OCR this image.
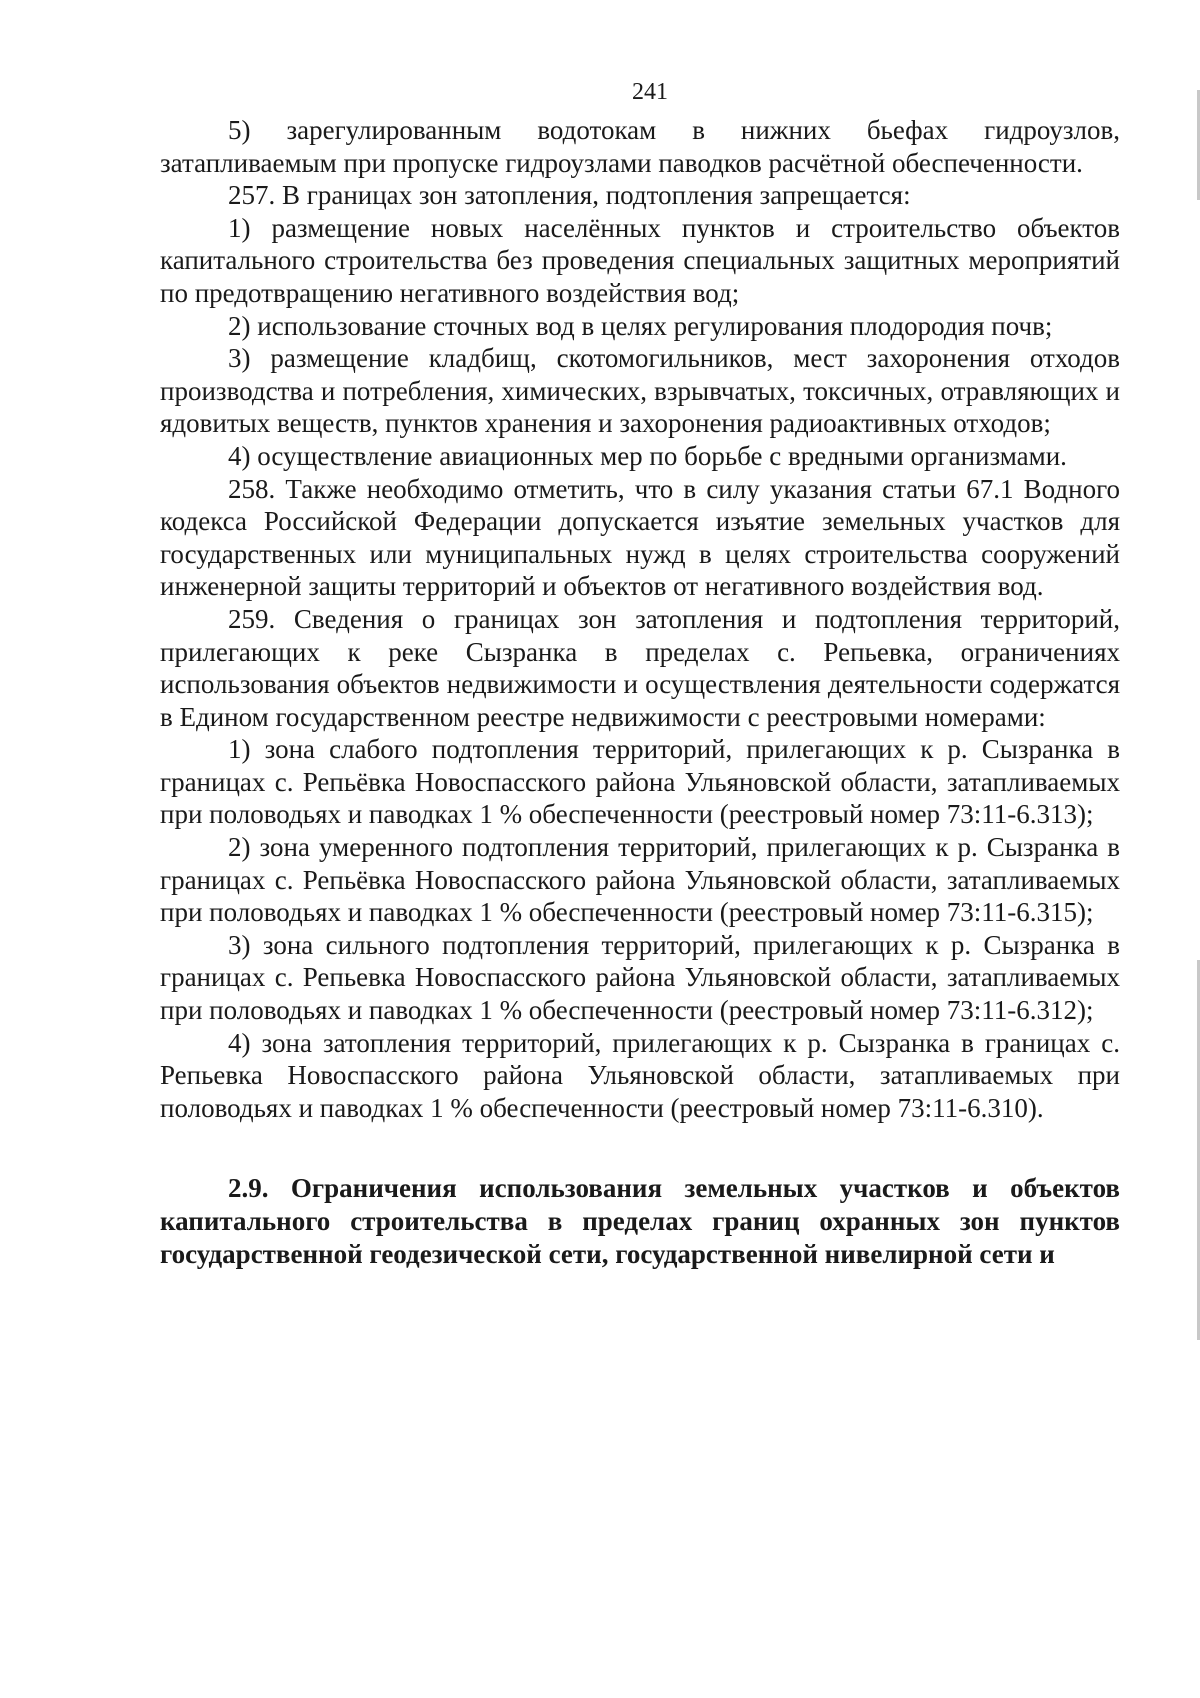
241

5) зарегулированным водотокам в нижних бьефах гидроузлов, затапливаемым при пропуске гидроузлами паводков расчётной обеспеченности.

257. В границах зон затопления, подтопления запрещается:

1) размещение новых населённых пунктов и строительство объектов капитального строительства без проведения специальных защитных мероприятий по предотвращению негативного воздействия вод;

2) использование сточных вод в целях регулирования плодородия почв;

3) размещение кладбищ, скотомогильников, мест захоронения отходов производства и потребления, химических, взрывчатых, токсичных, отравляющих и ядовитых веществ, пунктов хранения и захоронения радиоактивных отходов;

4) осуществление авиационных мер по борьбе с вредными организмами.

258. Также необходимо отметить, что в силу указания статьи 67.1 Водного кодекса Российской Федерации допускается изъятие земельных участков для государственных или муниципальных нужд в целях строительства сооружений инженерной защиты территорий и объектов от негативного воздействия вод.

259. Сведения о границах зон затопления и подтопления территорий, прилегающих к реке Сызранка в пределах с. Репьевка, ограничениях использования объектов недвижимости и осуществления деятельности содержатся в Едином государственном реестре недвижимости с реестровыми номерами:

1) зона слабого подтопления территорий, прилегающих к р. Сызранка в границах с. Репьёвка Новоспасского района Ульяновской области, затапливаемых при половодьях и паводках 1 % обеспеченности (реестровый номер 73:11-6.313);

2) зона умеренного подтопления территорий, прилегающих к р. Сызранка в границах с. Репьёвка Новоспасского района Ульяновской области, затапливаемых при половодьях и паводках 1 % обеспеченности (реестровый номер 73:11-6.315);

3) зона сильного подтопления территорий, прилегающих к р. Сызранка в границах с. Репьевка Новоспасского района Ульяновской области, затапливаемых при половодьях и паводках 1 % обеспеченности (реестровый номер 73:11-6.312);

4) зона затопления территорий, прилегающих к р. Сызранка в границах с. Репьевка Новоспасского района Ульяновской области, затапливаемых при половодьях и паводках 1 % обеспеченности (реестровый номер 73:11-6.310).

2.9. Ограничения использования земельных участков и объектов капитального строительства в пределах границ охранных зон пунктов государственной геодезической сети, государственной нивелирной сети и
